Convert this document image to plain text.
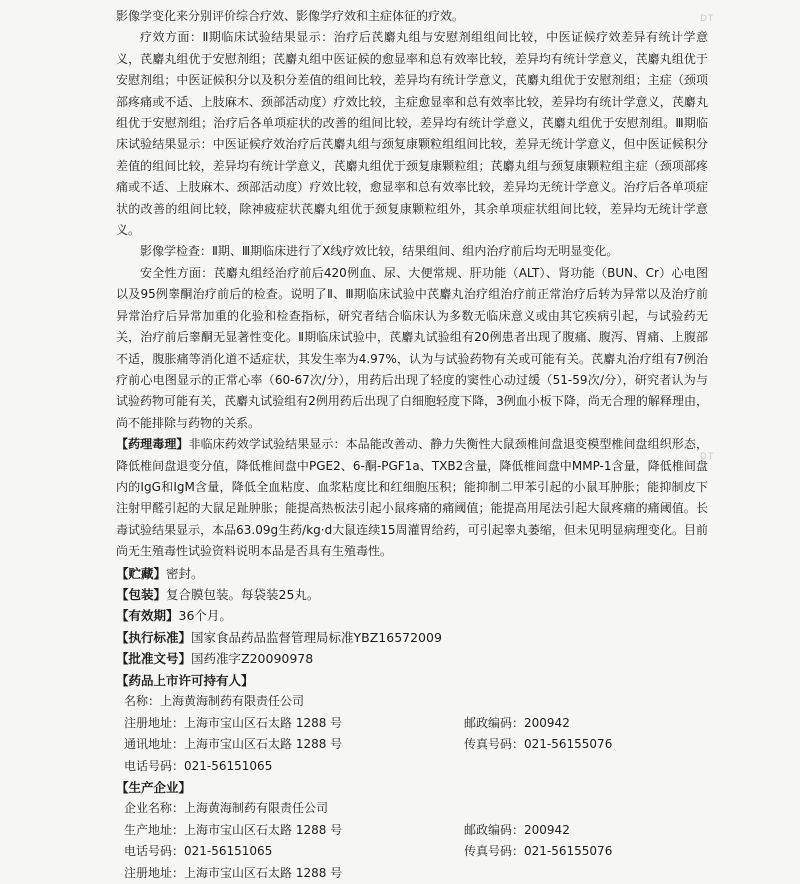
DT
DT

影像学变化来分别评价综合疗效、影像学疗效和主症体征的疗效。

疗效方面：Ⅱ期临床试验结果显示：治疗后芪麝丸组与安慰剂组组间比较，中医证候疗效差异有统计学意义，芪麝丸组优于安慰剂组；芪麝丸组中医证候的愈显率和总有效率比较，差异均有统计学意义，芪麝丸组优于安慰剂组；中医证候积分以及积分差值的组间比较，差异均有统计学意义，芪麝丸组优于安慰剂组；主症（颈项部疼痛或不适、上肢麻木、颈部活动度）疗效比较，主症愈显率和总有效率比较，差异均有统计学意义，芪麝丸组优于安慰剂组；治疗后各单项症状的改善的组间比较，差异均有统计学意义，芪麝丸组优于安慰剂组。Ⅲ期临床试验结果显示：中医证候疗效治疗后芪麝丸组与颈复康颗粒组组间比较，差异无统计学意义，但中医证候积分差值的组间比较，差异均有统计学意义，芪麝丸组优于颈复康颗粒组；芪麝丸组与颈复康颗粒组主症（颈项部疼痛或不适、上肢麻木、颈部活动度）疗效比较，愈显率和总有效率比较，差异均无统计学意义。治疗后各单项症状的改善的组间比较，除神疲症状芪麝丸组优于颈复康颗粒组外，其余单项症状组间比较，差异均无统计学意义。

影像学检查：Ⅱ期、Ⅲ期临床进行了X线疗效比较，结果组间、组内治疗前后均无明显变化。

安全性方面：芪麝丸组经治疗前后420例血、尿、大便常规、肝功能（ALT）、肾功能（BUN、Cr）心电图以及95例睾酮治疗前后的检查。说明了Ⅱ、Ⅲ期临床试验中芪麝丸治疗组治疗前正常治疗后转为异常以及治疗前异常治疗后异常加重的化验和检查指标，研究者结合临床认为多数无临床意义或由其它疾病引起，与试验药无关，治疗前后睾酮无显著性变化。Ⅱ期临床试验中，芪麝丸试验组有20例患者出现了腹痛、腹泻、胃痛、上腹部不适，腹胀痛等消化道不适症状，其发生率为4.97%，认为与试验药物有关或可能有关。芪麝丸治疗组有7例治疗前心电图显示的正常心率（60-67次/分），用药后出现了轻度的窦性心动过缓（51-59次/分），研究者认为与试验药物可能有关，芪麝丸试验组有2例用药后出现了白细胞轻度下降，3例血小板下降，尚无合理的解释理由，尚不能排除与药物的关系。

【药理毒理】非临床药效学试验结果显示：本品能改善动、静力失衡性大鼠颈椎间盘退变模型椎间盘组织形态，降低椎间盘退变分值，降低椎间盘中PGE2、6-酮-PGF1a、TXB2含量，降低椎间盘中MMP-1含量，降低椎间盘内的IgG和IgM含量，降低全血粘度、血浆粘度比和红细胞压积；能抑制二甲苯引起的小鼠耳肿胀；能抑制皮下注射甲醛引起的大鼠足趾肿胀；能提高热板法引起小鼠疼痛的痛阈值；能提高用尾法引起大鼠疼痛的痛阈值。长毒试验结果显示，本品63.09g生药/kg·d大鼠连续15周灌胃给药，可引起睾丸萎缩，但未见明显病理变化。目前尚无生殖毒性试验资料说明本品是否具有生殖毒性。

【贮藏】密封。

【包装】复合膜包装。每袋装25丸。

【有效期】36个月。

【执行标准】国家食品药品监督管理局标准YBZ16572009

【批准文号】国药准字Z20090978

【药品上市许可持有人】

名称：上海黄海制药有限责任公司
注册地址：上海市宝山区石太路 1288 号	邮政编码：200942
通讯地址：上海市宝山区石太路 1288 号	传真号码：021-56155076
电话号码：021-56151065

【生产企业】

企业名称：上海黄海制药有限责任公司
生产地址：上海市宝山区石太路 1288 号	邮政编码：200942
电话号码：021-56151065	传真号码：021-56155076
注册地址：上海市宝山区石太路 1288 号
